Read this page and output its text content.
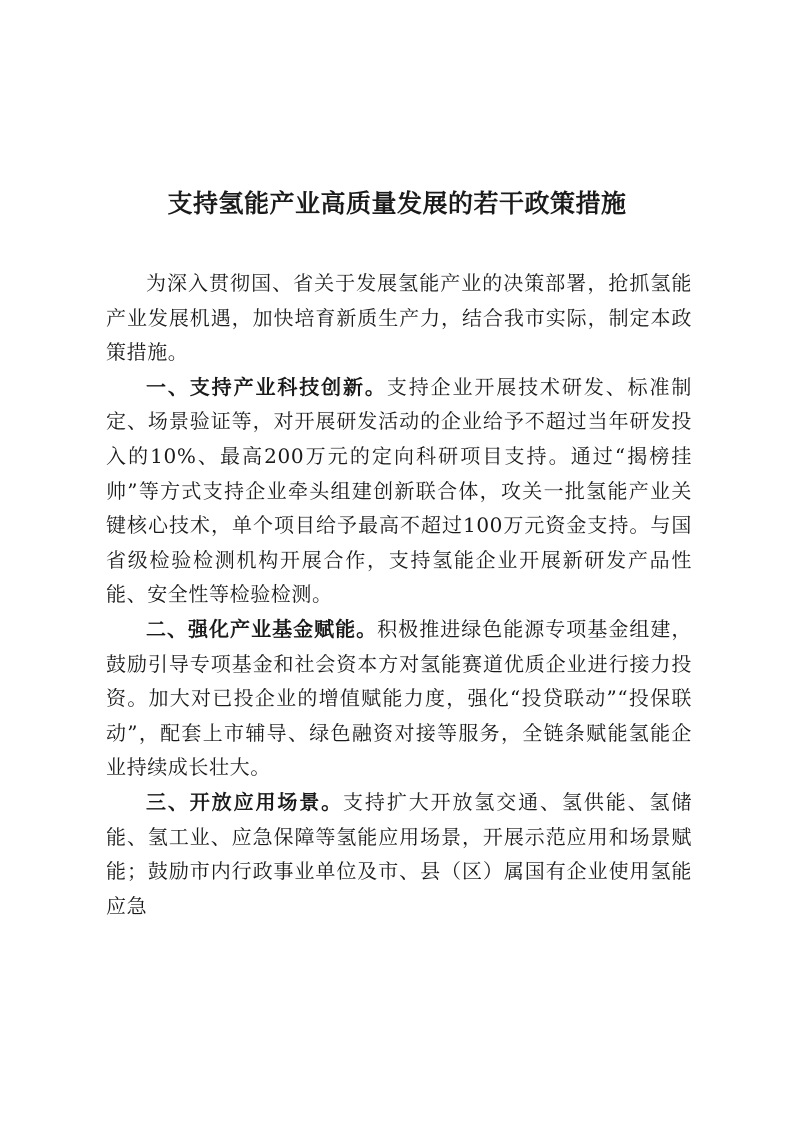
支持氢能产业高质量发展的若干政策措施

为深入贯彻国、省关于发展氢能产业的决策部署，抢抓氢能产业发展机遇，加快培育新质生产力，结合我市实际，制定本政策措施。

一、支持产业科技创新。支持企业开展技术研发、标准制定、场景验证等，对开展研发活动的企业给予不超过当年研发投入的10%、最高200万元的定向科研项目支持。通过“揭榜挂帅”等方式支持企业牵头组建创新联合体，攻关一批氢能产业关键核心技术，单个项目给予最高不超过100万元资金支持。与国省级检验检测机构开展合作，支持氢能企业开展新研发产品性能、安全性等检验检测。

二、强化产业基金赋能。积极推进绿色能源专项基金组建，鼓励引导专项基金和社会资本方对氢能赛道优质企业进行接力投资。加大对已投企业的增值赋能力度，强化“投贷联动”“投保联动”，配套上市辅导、绿色融资对接等服务，全链条赋能氢能企业持续成长壮大。

三、开放应用场景。支持扩大开放氢交通、氢供能、氢储能、氢工业、应急保障等氢能应用场景，开展示范应用和场景赋能；鼓励市内行政事业单位及市、县（区）属国有企业使用氢能应急
